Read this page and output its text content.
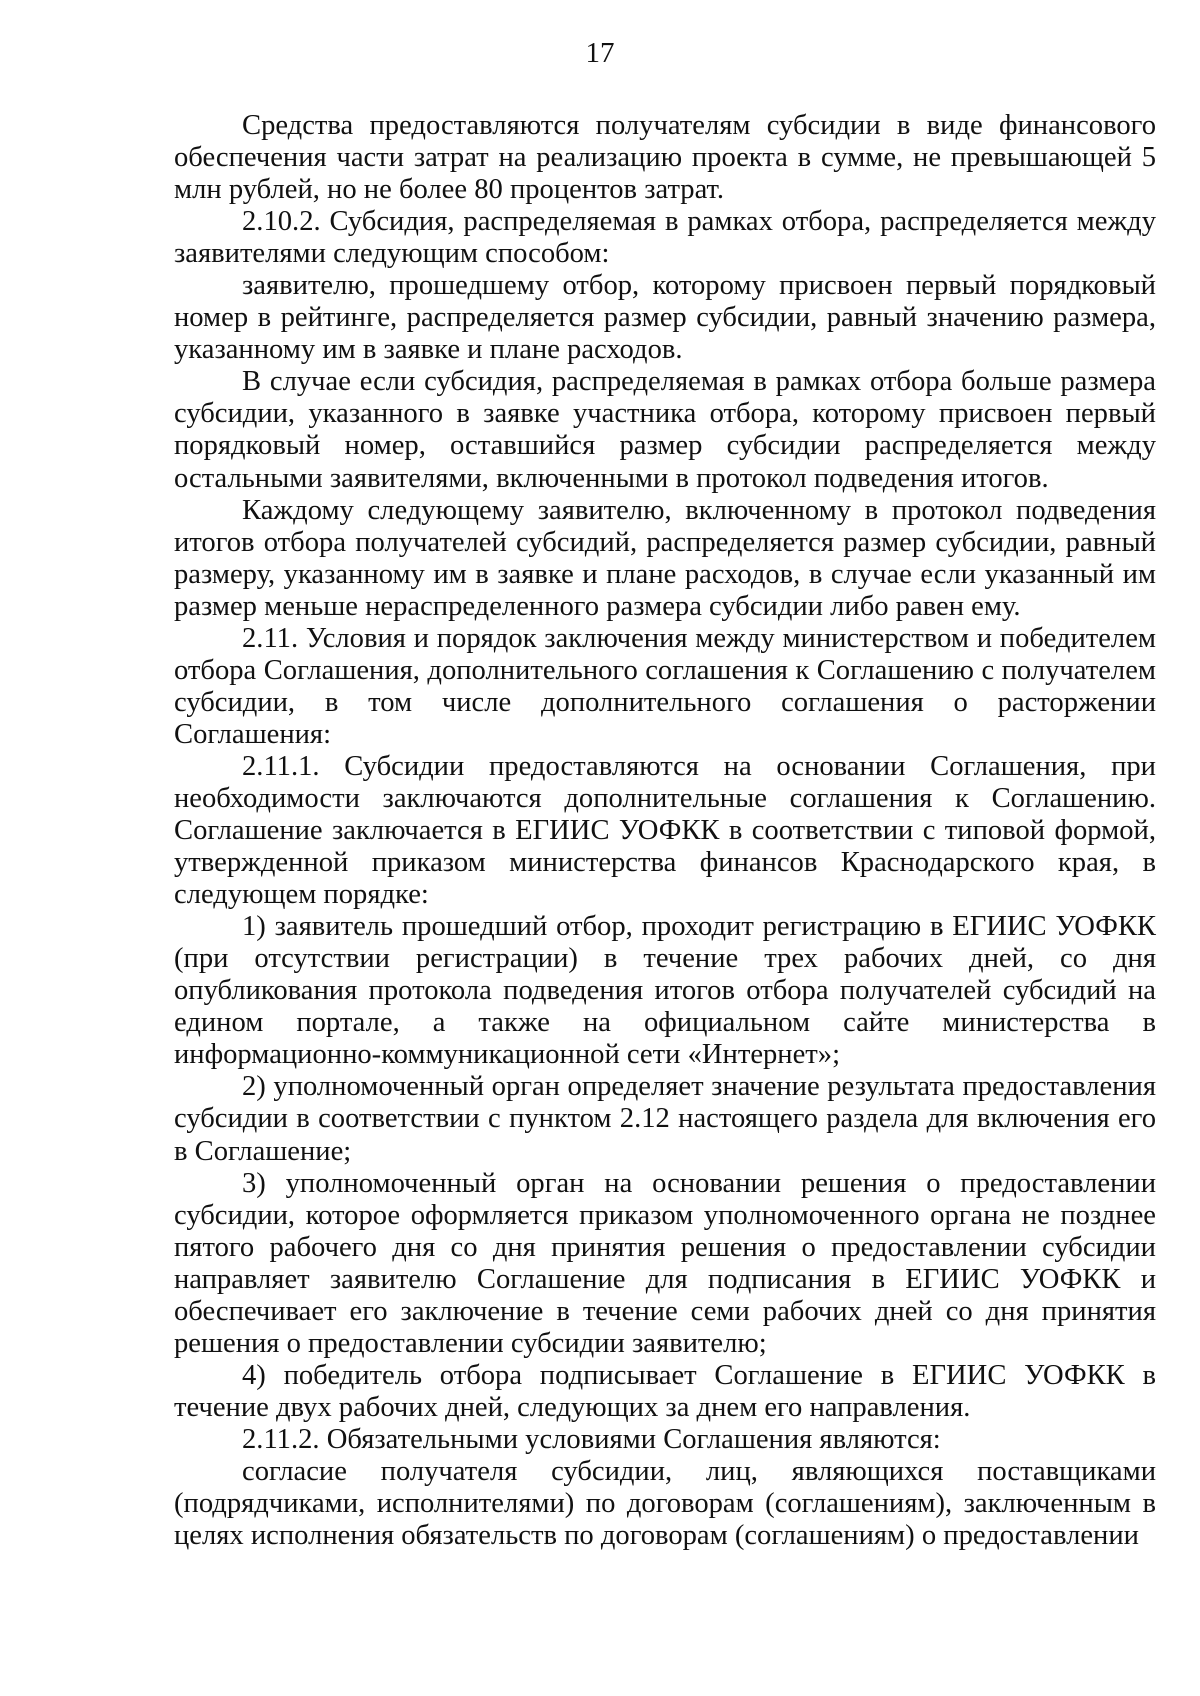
17

Средства предоставляются получателям субсидии в виде финансового обеспечения части затрат на реализацию проекта в сумме, не превышающей 5 млн рублей, но не более 80 процентов затрат.

2.10.2. Субсидия, распределяемая в рамках отбора, распределяется между заявителями следующим способом:

заявителю, прошедшему отбор, которому присвоен первый порядковый номер в рейтинге, распределяется размер субсидии, равный значению размера, указанному им в заявке и плане расходов.

В случае если субсидия, распределяемая в рамках отбора больше размера субсидии, указанного в заявке участника отбора, которому присвоен первый порядковый номер, оставшийся размер субсидии распределяется между остальными заявителями, включенными в протокол подведения итогов.

Каждому следующему заявителю, включенному в протокол подведения итогов отбора получателей субсидий, распределяется размер субсидии, равный размеру, указанному им в заявке и плане расходов, в случае если указанный им размер меньше нераспределенного размера субсидии либо равен ему.

2.11. Условия и порядок заключения между министерством и победителем отбора Соглашения, дополнительного соглашения к Соглашению с получателем субсидии, в том числе дополнительного соглашения о расторжении Соглашения:

2.11.1. Субсидии предоставляются на основании Соглашения, при необходимости заключаются дополнительные соглашения к Соглашению. Соглашение заключается в ЕГИИС УОФКК в соответствии с типовой формой, утвержденной приказом министерства финансов Краснодарского края, в следующем порядке:

1) заявитель прошедший отбор, проходит регистрацию в ЕГИИС УОФКК (при отсутствии регистрации) в течение трех рабочих дней, со дня опубликования протокола подведения итогов отбора получателей субсидий на едином портале, а также на официальном сайте министерства в информационно-коммуникационной сети «Интернет»;

2) уполномоченный орган определяет значение результата предоставления субсидии в соответствии с пунктом 2.12 настоящего раздела для включения его в Соглашение;

3) уполномоченный орган на основании решения о предоставлении субсидии, которое оформляется приказом уполномоченного органа не позднее пятого рабочего дня со дня принятия решения о предоставлении субсидии направляет заявителю Соглашение для подписания в ЕГИИС УОФКК и обеспечивает его заключение в течение семи рабочих дней со дня принятия решения о предоставлении субсидии заявителю;

4) победитель отбора подписывает Соглашение в ЕГИИС УОФКК в течение двух рабочих дней, следующих за днем его направления.

2.11.2. Обязательными условиями Соглашения являются:

согласие получателя субсидии, лиц, являющихся поставщиками (подрядчиками, исполнителями) по договорам (соглашениям), заключенным в целях исполнения обязательств по договорам (соглашениям) о предоставлении
